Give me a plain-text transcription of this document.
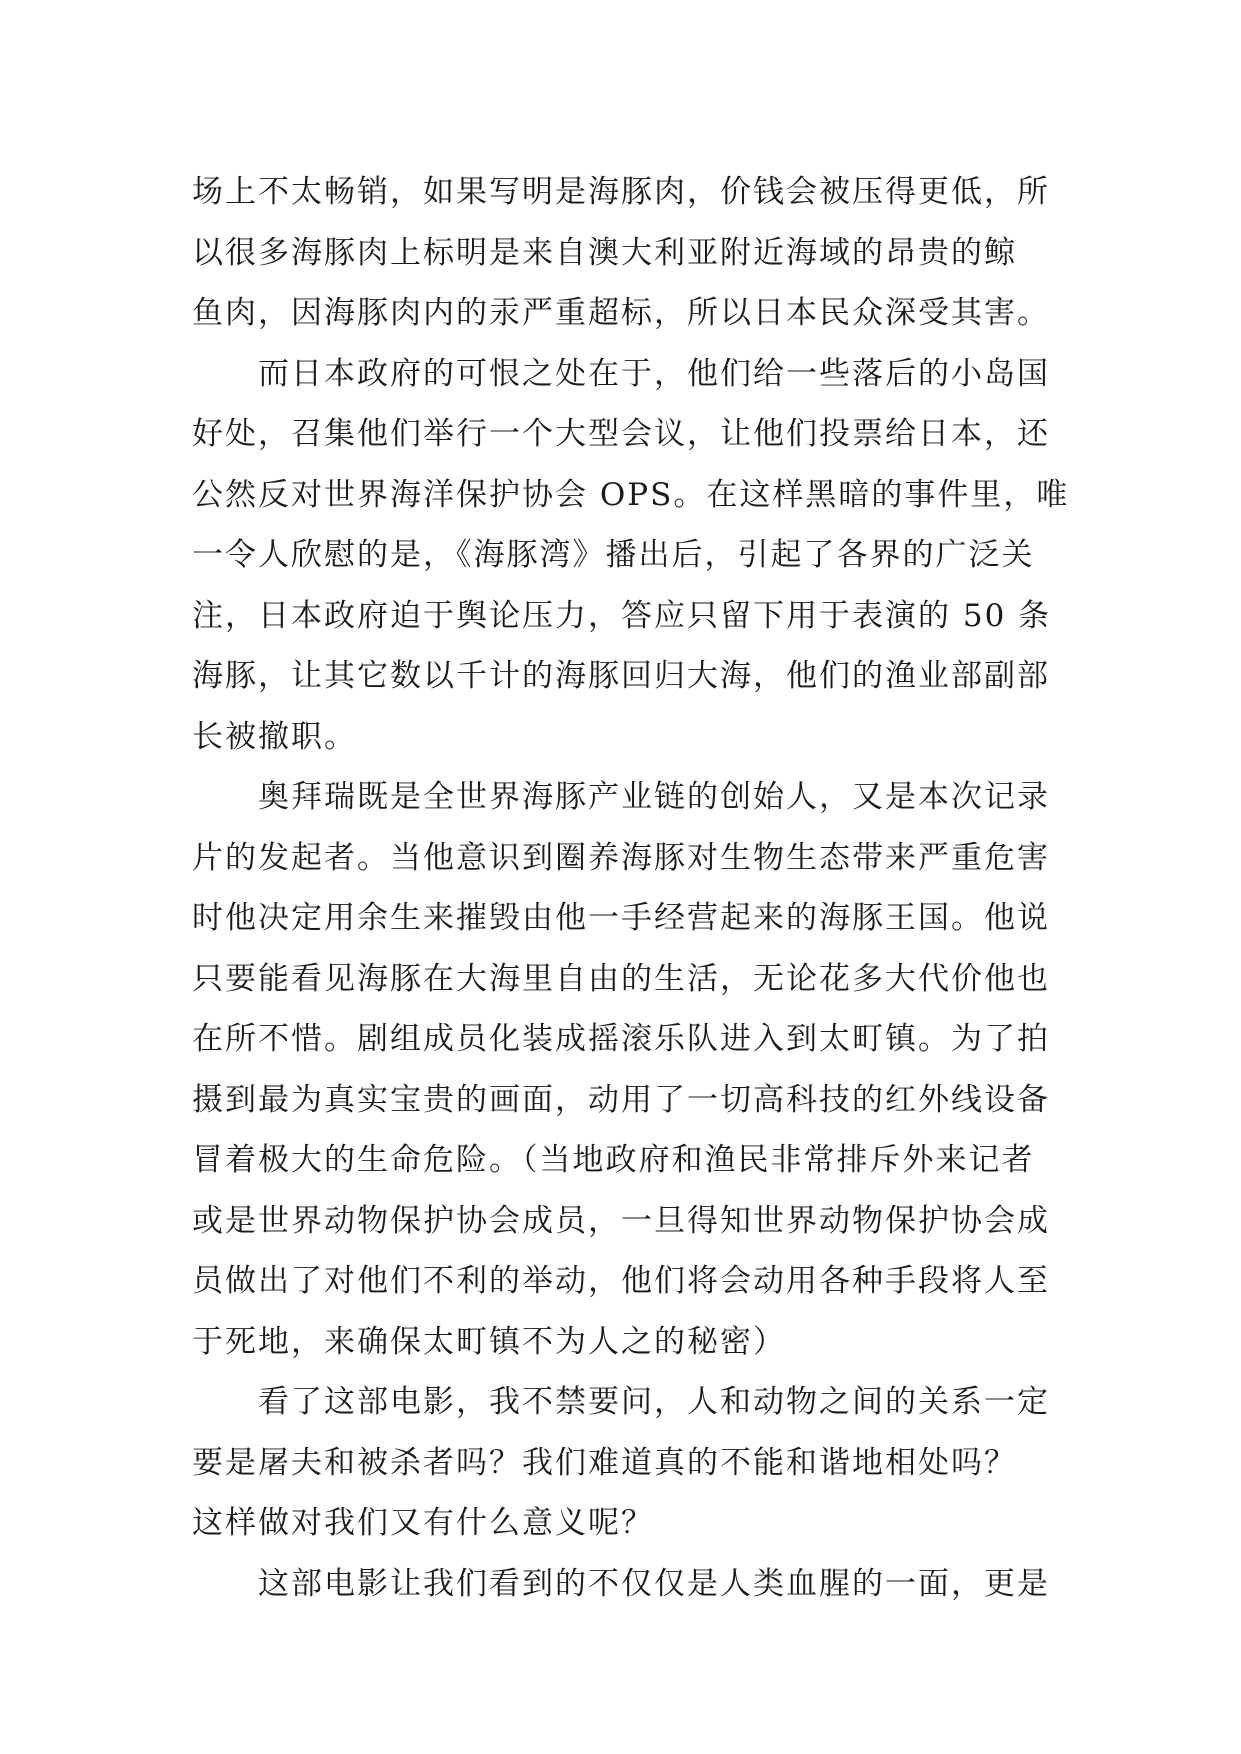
场上不太畅销，如果写明是海豚肉，价钱会被压得更低，所
以很多海豚肉上标明是来自澳大利亚附近海域的昂贵的鲸
鱼肉，因海豚肉内的汞严重超标，所以日本民众深受其害。
而日本政府的可恨之处在于，他们给一些落后的小岛国
好处，召集他们举行一个大型会议，让他们投票给日本，还
公然反对世界海洋保护协会 OPS。在这样黑暗的事件里，唯
一令人欣慰的是，《海豚湾》播出后，引起了各界的广泛关
注，日本政府迫于舆论压力，答应只留下用于表演的 50 条
海豚，让其它数以千计的海豚回归大海，他们的渔业部副部
长被撤职。
奥拜瑞既是全世界海豚产业链的创始人，又是本次记录
片的发起者。当他意识到圈养海豚对生物生态带来严重危害
时他决定用余生来摧毁由他一手经营起来的海豚王国。他说
只要能看见海豚在大海里自由的生活，无论花多大代价他也
在所不惜。剧组成员化装成摇滚乐队进入到太町镇。为了拍
摄到最为真实宝贵的画面，动用了一切高科技的红外线设备
冒着极大的生命危险。（当地政府和渔民非常排斥外来记者
或是世界动物保护协会成员，一旦得知世界动物保护协会成
员做出了对他们不利的举动，他们将会动用各种手段将人至
于死地，来确保太町镇不为人之的秘密）
看了这部电影，我不禁要问，人和动物之间的关系一定
要是屠夫和被杀者吗？我们难道真的不能和谐地相处吗？
这样做对我们又有什么意义呢？
这部电影让我们看到的不仅仅是人类血腥的一面，更是
